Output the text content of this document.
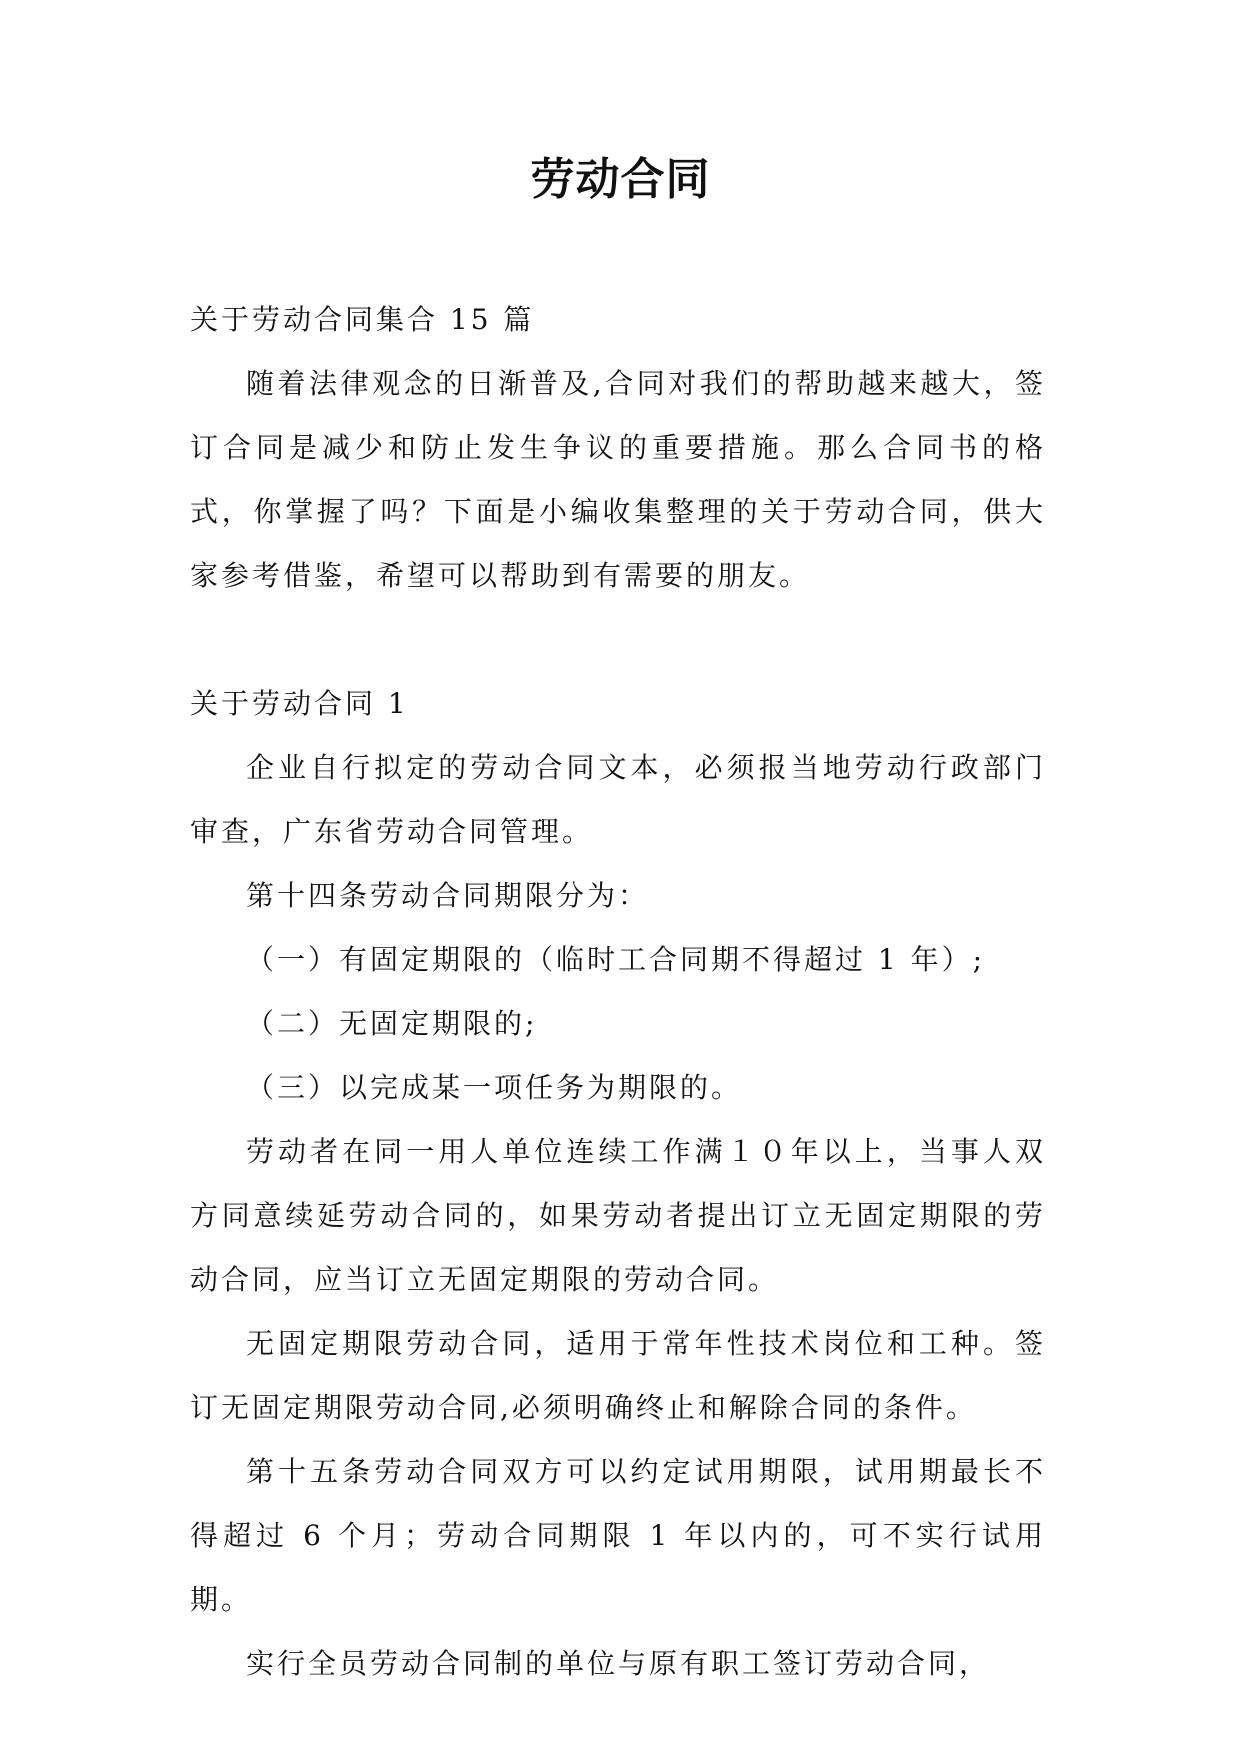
劳动合同

关于劳动合同集合 15 篇

随着法律观念的日渐普及,合同对我们的帮助越来越大，签订合同是减少和防止发生争议的重要措施。那么合同书的格式，你掌握了吗？下面是小编收集整理的关于劳动合同，供大家参考借鉴，希望可以帮助到有需要的朋友。

关于劳动合同 1

企业自行拟定的劳动合同文本，必须报当地劳动行政部门审查，广东省劳动合同管理。

第十四条劳动合同期限分为：

（一）有固定期限的（临时工合同期不得超过 1 年）;

（二）无固定期限的;

（三）以完成某一项任务为期限的。

劳动者在同一用人单位连续工作满１０年以上，当事人双方同意续延劳动合同的，如果劳动者提出订立无固定期限的劳动合同，应当订立无固定期限的劳动合同。

无固定期限劳动合同，适用于常年性技术岗位和工种。签订无固定期限劳动合同,必须明确终止和解除合同的条件。

第十五条劳动合同双方可以约定试用期限，试用期最长不得超过 6 个月；劳动合同期限 1 年以内的，可不实行试用期。

实行全员劳动合同制的单位与原有职工签订劳动合同，
